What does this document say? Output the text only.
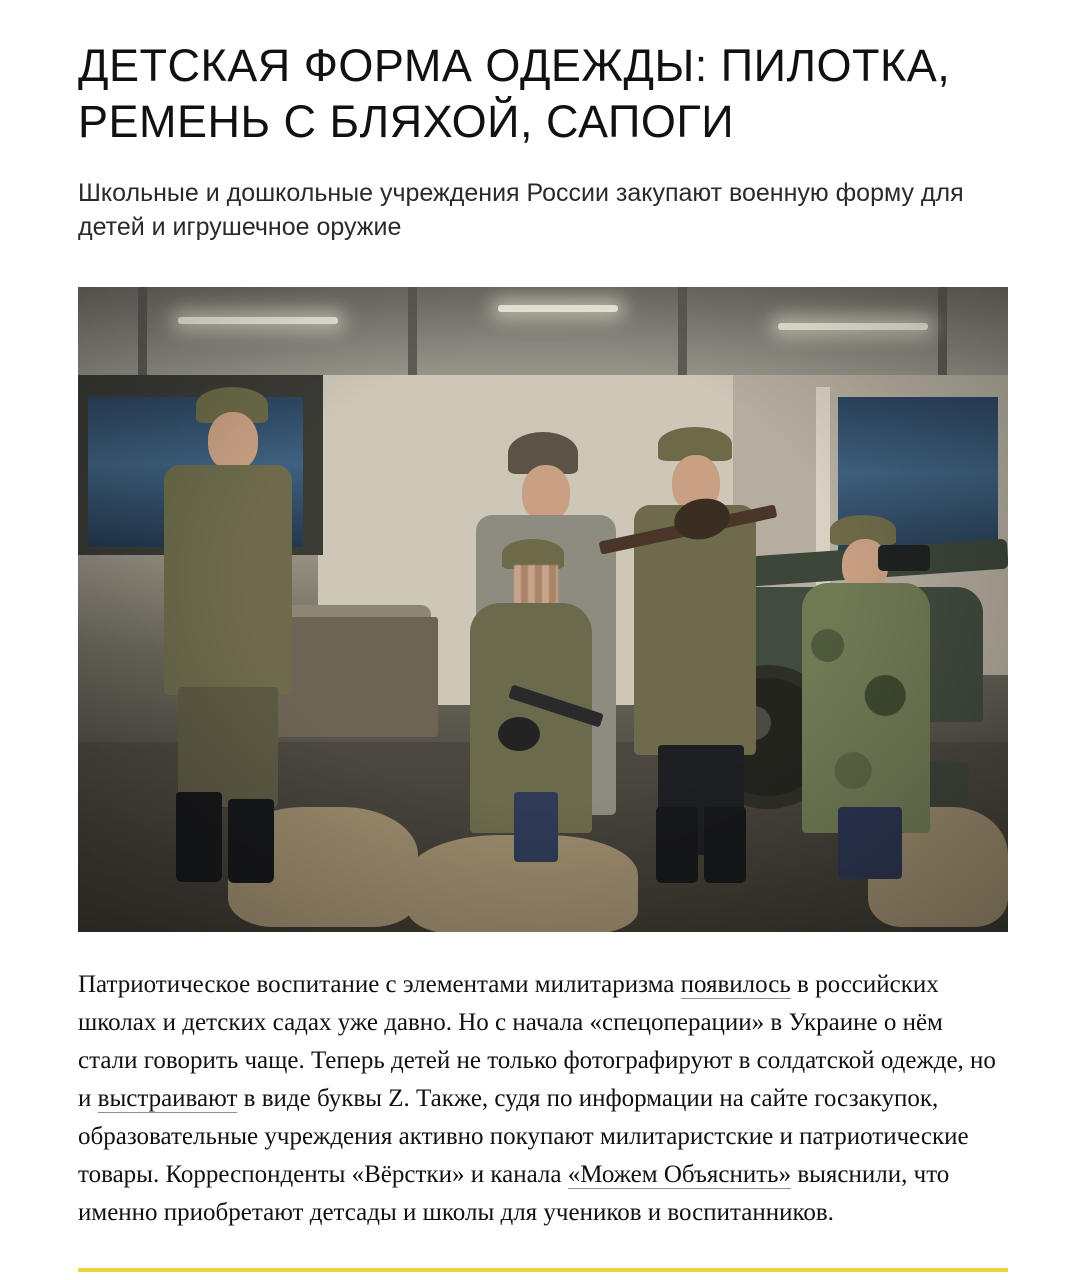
ДЕТСКАЯ ФОРМА ОДЕЖДЫ: ПИЛОТКА, РЕМЕНЬ С БЛЯХОЙ, САПОГИ

Школьные и дошкольные учреждения России закупают военную форму для детей и игрушечное оружие

Патриотическое воспитание с элементами милитаризма появилось в российских школах и детских садах уже давно. Но с начала «спецоперации» в Украине о нём стали говорить чаще. Теперь детей не только фотографируют в солдатской одежде, но и выстраивают в виде буквы Z. Также, судя по информации на сайте госзакупок, образовательные учреждения активно покупают милитаристские и патриотические товары. Корреспонденты «Вёрстки» и канала «Можем Объяснить» выяснили, что именно приобретают детсады и школы для учеников и воспитанников.
